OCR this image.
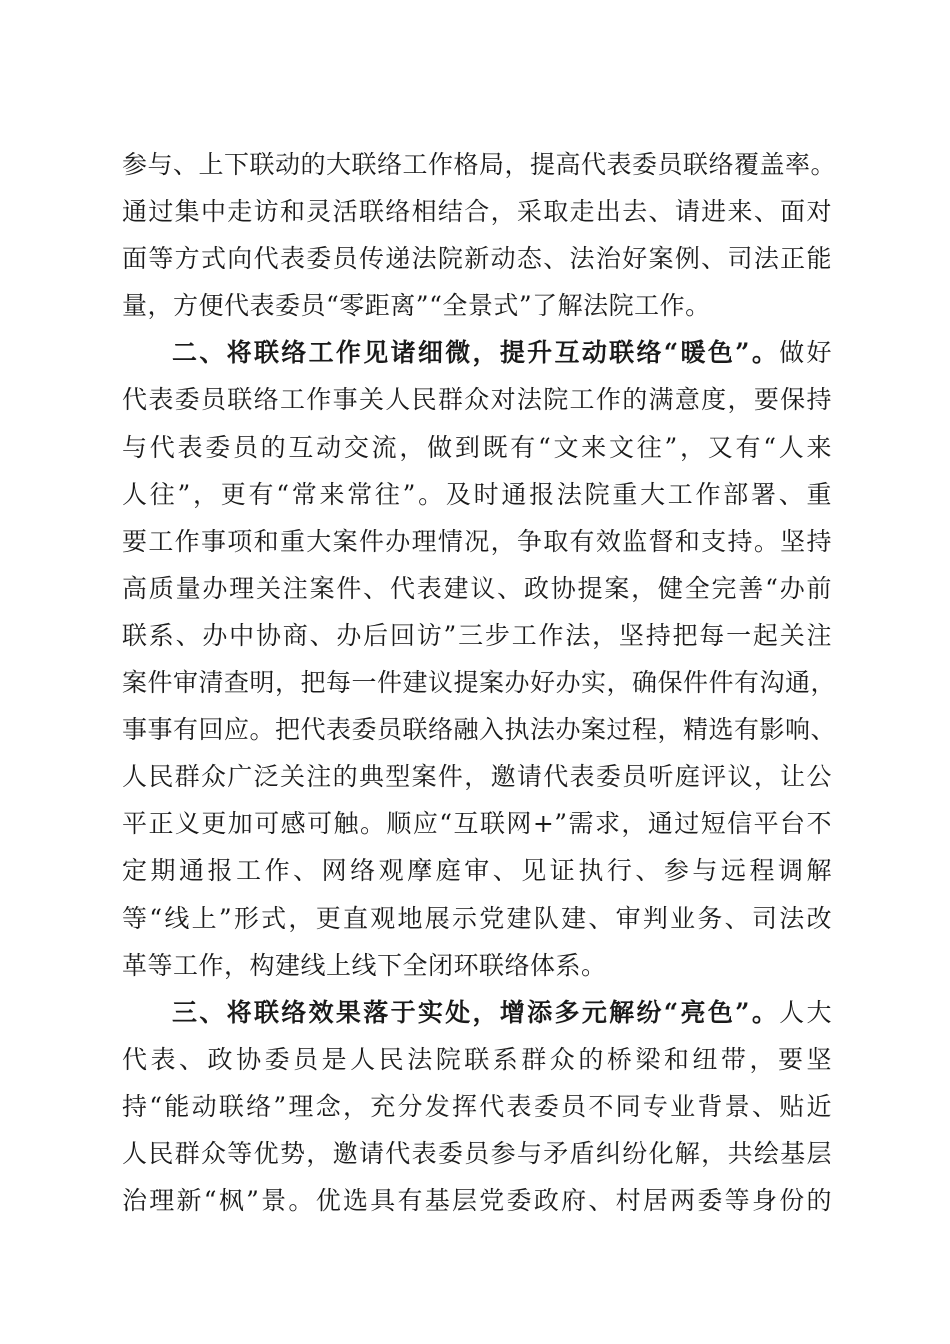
参与、上下联动的大联络工作格局，提高代表委员联络覆盖率。
通过集中走访和灵活联络相结合，采取走出去、请进来、面对
面等方式向代表委员传递法院新动态、法治好案例、司法正能
量，方便代表委员“零距离”“全景式”了解法院工作。
二、将联络工作见诸细微，提升互动联络“暖色”。做好
代表委员联络工作事关人民群众对法院工作的满意度，要保持
与代表委员的互动交流，做到既有“文来文往”，又有“人来
人往”，更有“常来常往”。及时通报法院重大工作部署、重
要工作事项和重大案件办理情况，争取有效监督和支持。坚持
高质量办理关注案件、代表建议、政协提案，健全完善“办前
联系、办中协商、办后回访”三步工作法，坚持把每一起关注
案件审清查明，把每一件建议提案办好办实，确保件件有沟通，
事事有回应。把代表委员联络融入执法办案过程，精选有影响、
人民群众广泛关注的典型案件，邀请代表委员听庭评议，让公
平正义更加可感可触。顺应“互联网+”需求，通过短信平台不
定期通报工作、网络观摩庭审、见证执行、参与远程调解
等“线上”形式，更直观地展示党建队建、审判业务、司法改
革等工作，构建线上线下全闭环联络体系。
三、将联络效果落于实处，增添多元解纷“亮色”。人大
代表、政协委员是人民法院联系群众的桥梁和纽带，要坚
持“能动联络”理念，充分发挥代表委员不同专业背景、贴近
人民群众等优势，邀请代表委员参与矛盾纠纷化解，共绘基层
治理新“枫”景。优选具有基层党委政府、村居两委等身份的
